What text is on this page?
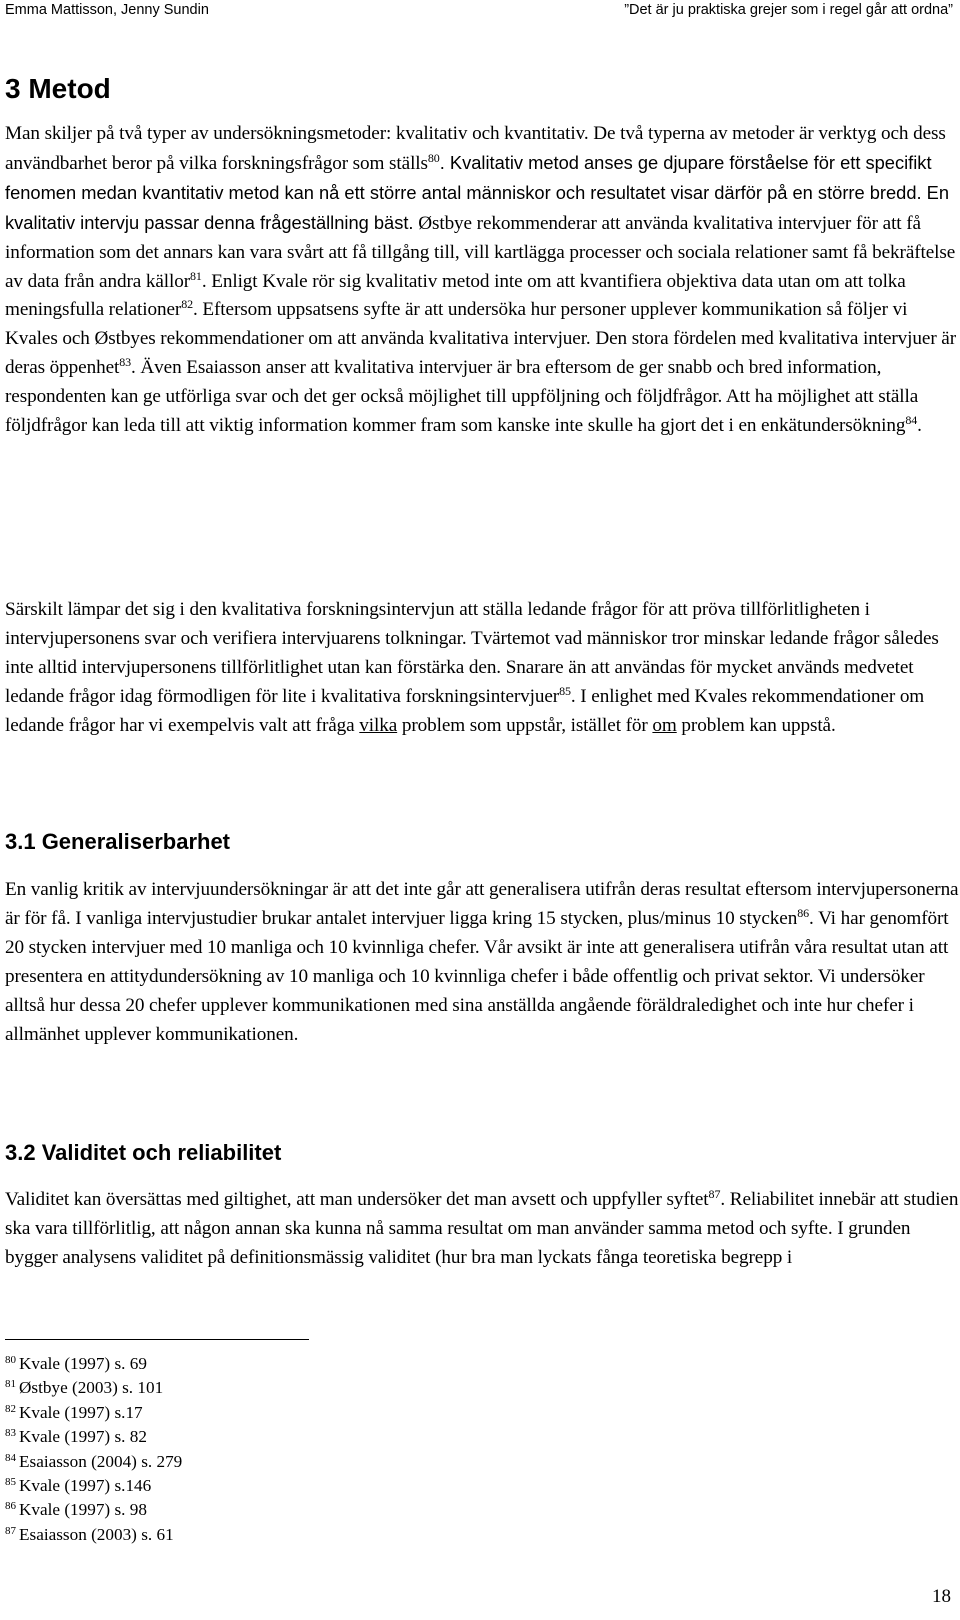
Emma Mattisson, Jenny Sundin	”Det är ju praktiska grejer som i regel går att ordna”
3 Metod

Man skiljer på två typer av undersökningsmetoder: kvalitativ och kvantitativ. De två typerna av metoder är verktyg och dess användbarhet beror på vilka forskningsfrågor som ställs$^{80}$. Kvalitativ metod anses ge djupare förståelse för ett specifikt fenomen medan kvantitativ metod kan nå ett större antal människor och resultatet visar därför på en större bredd. En kvalitativ intervju passar denna frågeställning bäst. Østbye rekommenderar att använda kvalitativa intervjuer för att få information som det annars kan vara svårt att få tillgång till, vill kartlägga processer och sociala relationer samt få bekräftelse av data från andra källor$^{81}$. Enligt Kvale rör sig kvalitativ metod inte om att kvantifiera objektiva data utan om att tolka meningsfulla relationer$^{82}$. Eftersom uppsatsens syfte är att undersöka hur personer upplever kommunikation så följer vi Kvales och Østbyes rekommendationer om att använda kvalitativa intervjuer. Den stora fördelen med kvalitativa intervjuer är deras öppenhet$^{83}$. Även Esaiasson anser att kvalitativa intervjuer är bra eftersom de ger snabb och bred information, respondenten kan ge utförliga svar och det ger också möjlighet till uppföljning och följdfrågor. Att ha möjlighet att ställa följdfrågor kan leda till att viktig information kommer fram som kanske inte skulle ha gjort det i en enkätundersökning$^{84}$.

Särskilt lämpar det sig i den kvalitativa forskningsintervjun att ställa ledande frågor för att pröva tillförlitligheten i intervjupersonens svar och verifiera intervjuarens tolkningar. Tvärtemot vad människor tror minskar ledande frågor således inte alltid intervjupersonens tillförlitlighet utan kan förstärka den. Snarare än att användas för mycket används medvetet ledande frågor idag förmodligen för lite i kvalitativa forskningsintervjuer$^{85}$. I enlighet med Kvales rekommendationer om ledande frågor har vi exempelvis valt att fråga vilka problem som uppstår, istället för om problem kan uppstå.

3.1 Generaliserbarhet

En vanlig kritik av intervjuundersökningar är att det inte går att generalisera utifrån deras resultat eftersom intervjupersonerna är för få. I vanliga intervjustudier brukar antalet intervjuer ligga kring 15 stycken, plus/minus 10 stycken$^{86}$. Vi har genomfört 20 stycken intervjuer med 10 manliga och 10 kvinnliga chefer. Vår avsikt är inte att generalisera utifrån våra resultat utan att presentera en attitydundersökning av 10 manliga och 10 kvinnliga chefer i både offentlig och privat sektor. Vi undersöker alltså hur dessa 20 chefer upplever kommunikationen med sina anställda angående föräldraledighet och inte hur chefer i allmänhet upplever kommunikationen.

3.2 Validitet och reliabilitet

Validitet kan översättas med giltighet, att man undersöker det man avsett och uppfyller syftet$^{87}$. Reliabilitet innebär att studien ska vara tillförlitlig, att någon annan ska kunna nå samma resultat om man använder samma metod och syfte. I grunden bygger analysens validitet på definitionsmässig validitet (hur bra man lyckats fånga teoretiska begrepp i

$^{80}$ Kvale (1997) s. 69
$^{81}$ Østbye (2003) s. 101
$^{82}$ Kvale (1997) s.17
$^{83}$ Kvale (1997) s. 82
$^{84}$ Esaiasson (2004) s. 279
$^{85}$ Kvale (1997) s.146
$^{86}$ Kvale (1997) s. 98
$^{87}$ Esaiasson (2003) s. 61
18
